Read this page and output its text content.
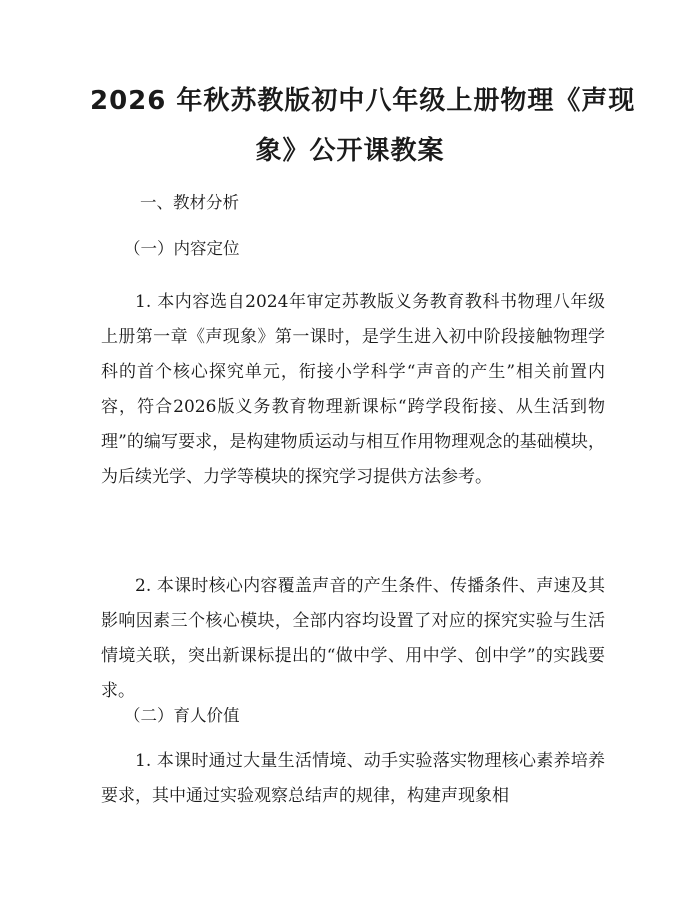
2026 年秋苏教版初中八年级上册物理《声现
象》公开课教案

一、教材分析

（一）内容定位

1. 本内容选自2024年审定苏教版义务教育教科书物理八年级上册第一章《声现象》第一课时，是学生进入初中阶段接触物理学科的首个核心探究单元，衔接小学科学“声音的产生”相关前置内容，符合2026版义务教育物理新课标“跨学段衔接、从生活到物理”的编写要求，是构建物质运动与相互作用物理观念的基础模块，为后续光学、力学等模块的探究学习提供方法参考。

2. 本课时核心内容覆盖声音的产生条件、传播条件、声速及其影响因素三个核心模块，全部内容均设置了对应的探究实验与生活情境关联，突出新课标提出的“做中学、用中学、创中学”的实践要求。

（二）育人价值

1. 本课时通过大量生活情境、动手实验落实物理核心素养培养要求，其中通过实验观察总结声的规律，构建声现象相
